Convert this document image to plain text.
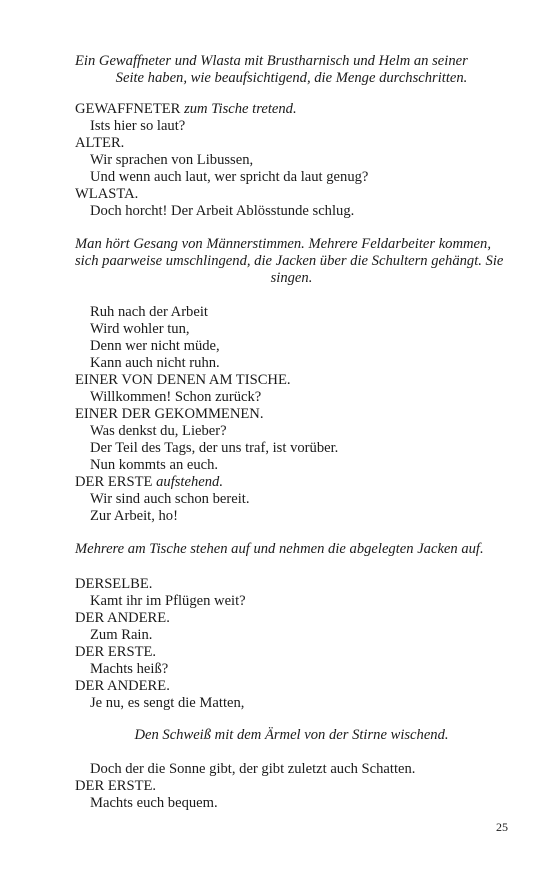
Ein Gewaffneter und Wlasta mit Brustharnisch und Helm an seiner
Seite haben, wie beaufsichtigend, die Menge durchschritten.
GEWAFFNETER zum Tische tretend.
Ists hier so laut?
ALTER.
Wir sprachen von Libussen,
Und wenn auch laut, wer spricht da laut genug?
WLASTA.
Doch horcht! Der Arbeit Ablösstunde schlug.
Man hört Gesang von Männerstimmen. Mehrere Feldarbeiter kommen,
sich paarweise umschlingend, die Jacken über die Schultern gehängt. Sie
singen.
Ruh nach der Arbeit
Wird wohler tun,
Denn wer nicht müde,
Kann auch nicht ruhn.
EINER VON DENEN AM TISCHE.
Willkommen! Schon zurück?
EINER DER GEKOMMENEN.
Was denkst du, Lieber?
Der Teil des Tags, der uns traf, ist vorüber.
Nun kommts an euch.
DER ERSTE aufstehend.
Wir sind auch schon bereit.
Zur Arbeit, ho!
Mehrere am Tische stehen auf und nehmen die abgelegten Jacken auf.
DERSELBE.
Kamt ihr im Pflügen weit?
DER ANDERE.
Zum Rain.
DER ERSTE.
Machts heiß?
DER ANDERE.
Je nu, es sengt die Matten,
Den Schweiß mit dem Ärmel von der Stirne wischend.
Doch der die Sonne gibt, der gibt zuletzt auch Schatten.
DER ERSTE.
Machts euch bequem.
25
